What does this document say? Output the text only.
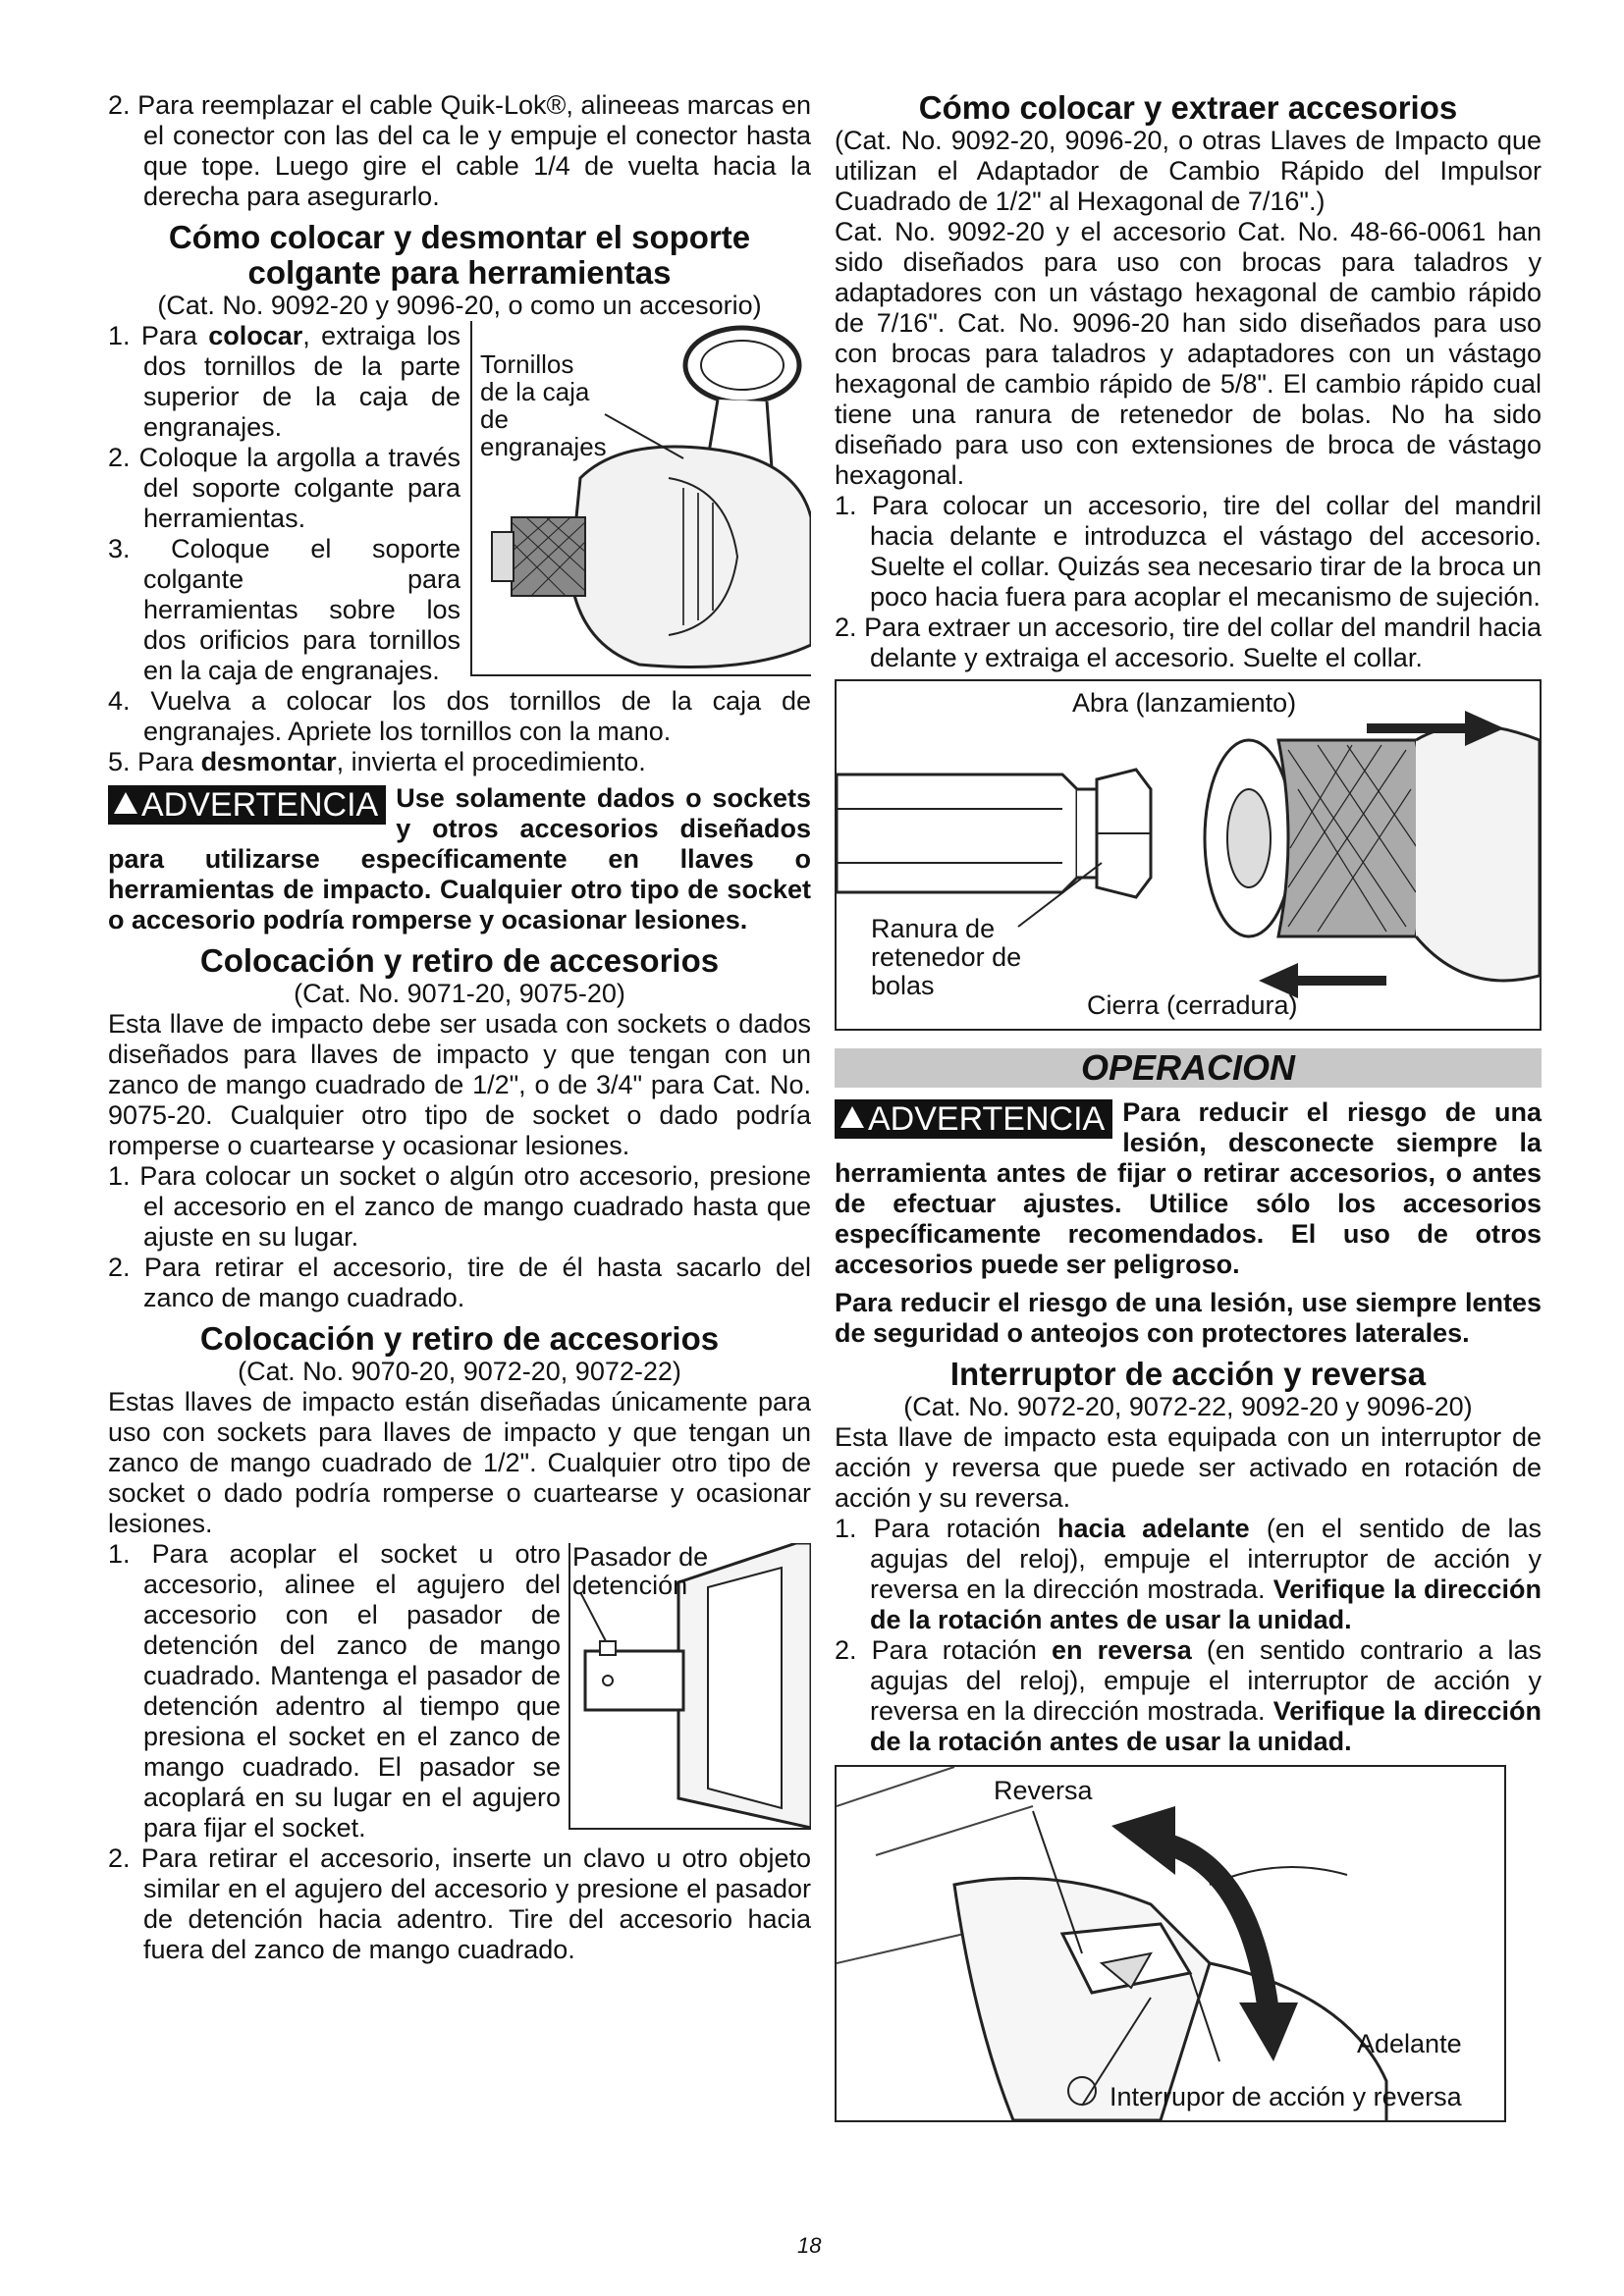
2. Para reemplazar el cable Quik-Lok®, alineeas marcas en el conector con las del ca le y empuje el conector hasta que tope. Luego gire el cable 1/4 de vuelta hacia la derecha para asegurarlo.

Cómo colocar y desmontar el soporte colgante para herramientas

(Cat. No. 9092-20 y 9096-20, o como un accesorio)

Tornillos de la caja de engranajes

1. Para colocar, extraiga los dos tornillos de la parte superior de la caja de engranajes.

2. Coloque la argolla a través del soporte colgante para herramientas.

3. Coloque el soporte colgante para herramientas sobre los dos orificios para tornillos en la caja de engranajes.

4. Vuelva a colocar los dos tornillos de la caja de engranajes. Apriete los tornillos con la mano.

5. Para desmontar, invierta el procedimiento.

ADVERTENCIA Use solamente dados o sockets y otros accesorios diseñados para utilizarse específicamente en llaves o herramientas de impacto. Cualquier otro tipo de socket o accesorio podría romperse y ocasionar lesiones.

Colocación y retiro de accesorios

(Cat. No. 9071-20, 9075-20)

Esta llave de impacto debe ser usada con sockets o dados diseñados para llaves de impacto y que tengan con un zanco de mango cuadrado de 1/2", o de 3/4" para Cat. No. 9075-20. Cualquier otro tipo de socket o dado podría romperse o cuartearse y ocasionar lesiones.

1. Para colocar un socket o algún otro accesorio, presione el accesorio en el zanco de mango cuadrado hasta que ajuste en su lugar.

2. Para retirar el accesorio, tire de él hasta sacarlo del zanco de mango cuadrado.

Colocación y retiro de accesorios

(Cat. No. 9070-20, 9072-20, 9072-22)

Estas llaves de impacto están diseñadas únicamente para uso con sockets para llaves de impacto y que tengan un zanco de mango cuadrado de 1/2". Cualquier otro tipo de socket o dado podría romperse o cuartearse y ocasionar lesiones.

Pasador de detención

1. Para acoplar el socket u otro accesorio, alinee el agujero del accesorio con el pasador de detención del zanco de mango cuadrado. Mantenga el pasador de detención adentro al tiempo que presiona el socket en el zanco de mango cuadrado. El pasador se acoplará en su lugar en el agujero para fijar el socket.

2. Para retirar el accesorio, inserte un clavo u otro objeto similar en el agujero del accesorio y presione el pasador de detención hacia adentro. Tire del accesorio hacia fuera del zanco de mango cuadrado.

Cómo colocar y extraer accesorios

(Cat. No. 9092-20, 9096-20, o otras Llaves de Impacto que utilizan el Adaptador de Cambio Rápido del Impulsor Cuadrado de 1/2" al Hexagonal de 7/16".)

Cat. No. 9092-20 y el accesorio Cat. No. 48-66-0061 han sido diseñados para uso con brocas para taladros y adaptadores con un vástago hexagonal de cambio rápido de 7/16". Cat. No. 9096-20 han sido diseñados para uso con brocas para taladros y adaptadores con un vástago hexagonal de cambio rápido de 5/8". El cambio rápido cual tiene una ranura de retenedor de bolas. No ha sido diseñado para uso con extensiones de broca de vástago hexagonal.

1. Para colocar un accesorio, tire del collar del mandril hacia delante e introduzca el vástago del accesorio. Suelte el collar. Quizás sea necesario tirar de la broca un poco hacia fuera para acoplar el mecanismo de sujeción.

2. Para extraer un accesorio, tire del collar del mandril hacia delante y extraiga el accesorio. Suelte el collar.

Abra (lanzamiento)
Ranura de retenedor de bolas
Cierra (cerradura)
OPERACION
ADVERTENCIA Para reducir el riesgo de una lesión, desconecte siempre la herramienta antes de fijar o retirar accesorios, o antes de efectuar ajustes. Utilice sólo los accesorios específicamente recomendados. El uso de otros accesorios puede ser peligroso.

Para reducir el riesgo de una lesión, use siempre lentes de seguridad o anteojos con protectores laterales.

Interruptor de acción y reversa

(Cat. No. 9072-20, 9072-22, 9092-20 y 9096-20)

Esta llave de impacto esta equipada con un interruptor de acción y reversa que puede ser activado en rotación de acción y su reversa.

1. Para rotación hacia adelante (en el sentido de las agujas del reloj), empuje el interruptor de acción y reversa en la dirección mostrada. Verifique la dirección de la rotación antes de usar la unidad.

2. Para rotación en reversa (en sentido contrario a las agujas del reloj), empuje el interruptor de acción y reversa en la dirección mostrada. Verifique la dirección de la rotación antes de usar la unidad.

Reversa
Adelante
Interrupor de acción y reversa
18
